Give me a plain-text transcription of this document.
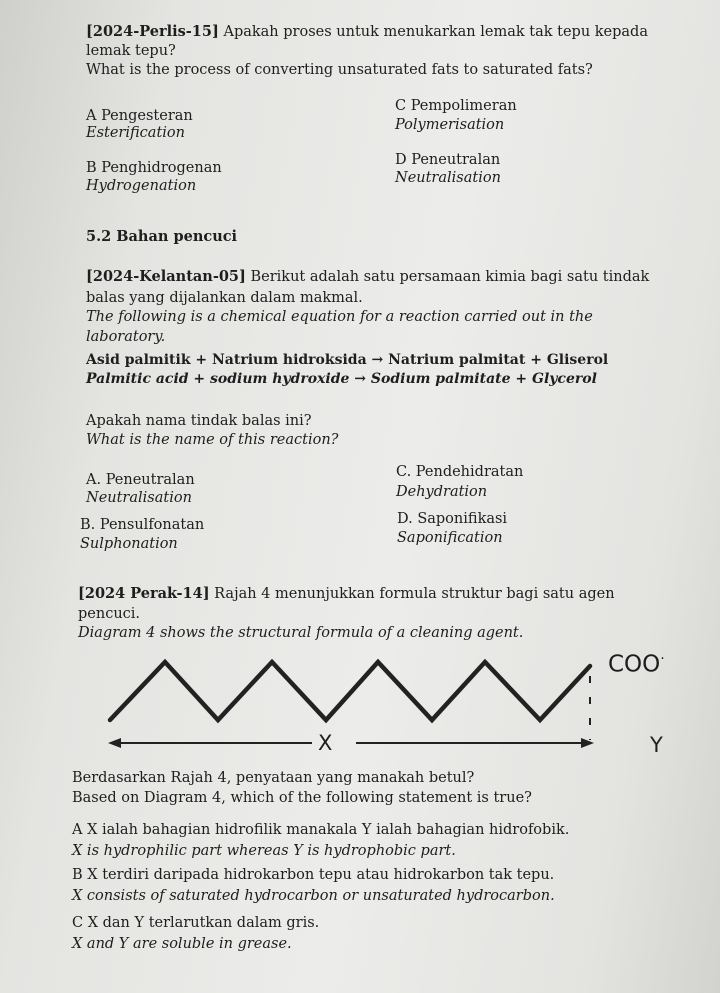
[2024-Perlis-15] Apakah proses untuk menukarkan lemak tak tepu kepada
lemak tepu?
What is the process of converting unsaturated fats to saturated fats?
A Pengesteran
Esterification
C Pempolimeran
Polymerisation
B Penghidrogenan
Hydrogenation
D Peneutralan
Neutralisation
5.2 Bahan pencuci
[2024-Kelantan-05] Berikut adalah satu persamaan kimia bagi satu tindak
balas yang dijalankan dalam makmal.
The following is a chemical equation for a reaction carried out in the
laboratory.
Asid palmitik + Natrium hidroksida → Natrium palmitat + Gliserol
Palmitic acid + sodium hydroxide → Sodium palmitate + Glycerol
Apakah nama tindak balas ini?
What is the name of this reaction?
A. Peneutralan
Neutralisation
C. Pendehidratan
Dehydration
B. Pensulfonatan
Sulphonation
D. Saponifikasi
Saponification
[2024 Perak-14] Rajah 4 menunjukkan formula struktur bagi satu agen
pencuci.
Diagram 4 shows the structural formula of a cleaning agent.
COO·
X	Y
Berdasarkan Rajah 4, penyataan yang manakah betul?
Based on Diagram 4, which of the following statement is true?
A X ialah bahagian hidrofilik manakala Y ialah bahagian hidrofobik.
X is hydrophilic part whereas Y is hydrophobic part.
B X terdiri daripada hidrokarbon tepu atau hidrokarbon tak tepu.
X consists of saturated hydrocarbon or unsaturated hydrocarbon.
C X dan Y terlarutkan dalam gris.
X and Y are soluble in grease.
